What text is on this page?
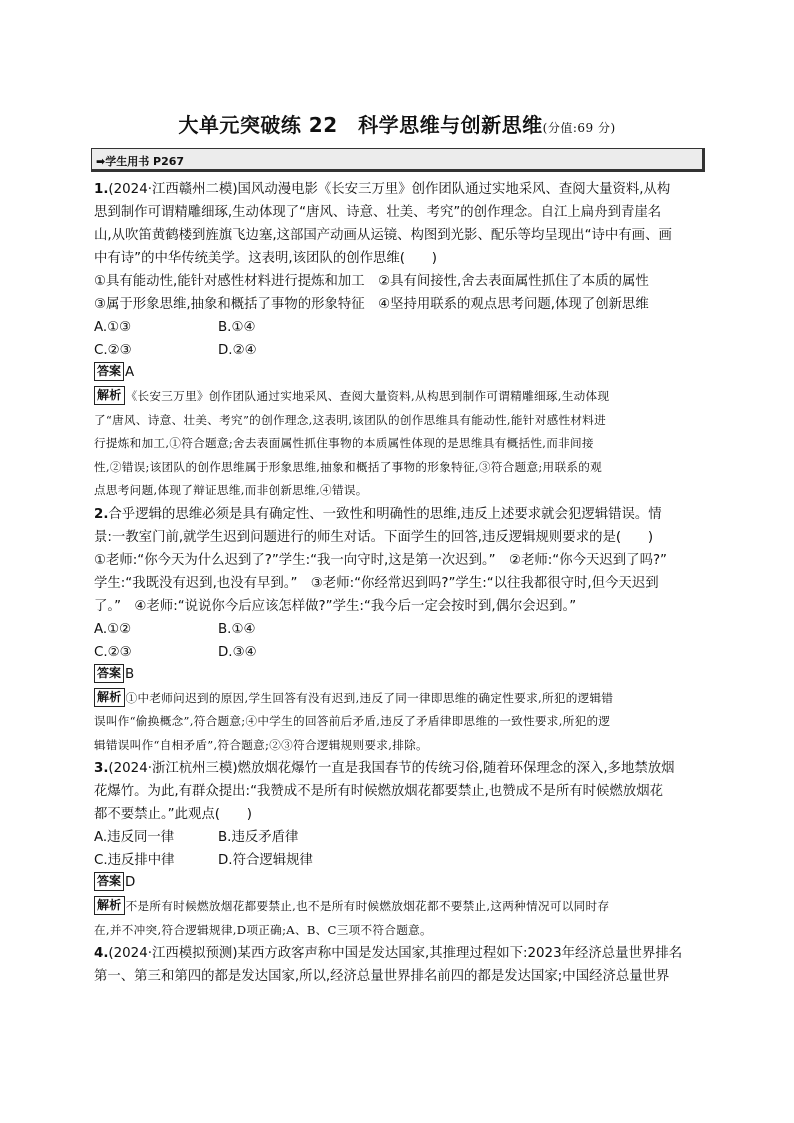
大单元突破练 22　科学思维与创新思维(分值:69 分)
➡学生用书 P267
1.(2024·江西赣州二模)国风动漫电影《长安三万里》创作团队通过实地采风、查阅大量资料,从构
思到制作可谓精雕细琢,生动体现了“唐风、诗意、壮美、考究”的创作理念。自江上扁舟到青崖名
山,从吹笛黄鹤楼到旌旗飞边塞,这部国产动画从运镜、构图到光影、配乐等均呈现出“诗中有画、画
中有诗”的中华传统美学。这表明,该团队的创作思维(　　)
①具有能动性,能针对感性材料进行提炼和加工　②具有间接性,舍去表面属性抓住了本质的属性
③属于形象思维,抽象和概括了事物的形象特征　④坚持用联系的观点思考问题,体现了创新思维
A.①③	B.①④
C.②③	D.②④
答案 A
解析 《长安三万里》创作团队通过实地采风、查阅大量资料,从构思到制作可谓精雕细琢,生动体现
了“唐风、诗意、壮美、考究”的创作理念,这表明,该团队的创作思维具有能动性,能针对感性材料进
行提炼和加工,①符合题意;舍去表面属性抓住事物的本质属性体现的是思维具有概括性,而非间接
性,②错误;该团队的创作思维属于形象思维,抽象和概括了事物的形象特征,③符合题意;用联系的观
点思考问题,体现了辩证思维,而非创新思维,④错误。
2.合乎逻辑的思维必须是具有确定性、一致性和明确性的思维,违反上述要求就会犯逻辑错误。情
景:一教室门前,就学生迟到问题进行的师生对话。下面学生的回答,违反逻辑规则要求的是(　　)
①老师:“你今天为什么迟到了?”学生:“我一向守时,这是第一次迟到。”　②老师:“你今天迟到了吗?”
学生:“我既没有迟到,也没有早到。”　③老师:“你经常迟到吗?”学生:“以往我都很守时,但今天迟到
了。”　④老师:“说说你今后应该怎样做?”学生:“我今后一定会按时到,偶尔会迟到。”
A.①②	B.①④
C.②③	D.③④
答案 B
解析 ①中老师问迟到的原因,学生回答有没有迟到,违反了同一律即思维的确定性要求,所犯的逻辑错
误叫作“偷换概念”,符合题意;④中学生的回答前后矛盾,违反了矛盾律即思维的一致性要求,所犯的逻
辑错误叫作“自相矛盾”,符合题意;②③符合逻辑规则要求,排除。
3.(2024·浙江杭州三模)燃放烟花爆竹一直是我国春节的传统习俗,随着环保理念的深入,多地禁放烟
花爆竹。为此,有群众提出:“我赞成不是所有时候燃放烟花都要禁止,也赞成不是所有时候燃放烟花
都不要禁止。”此观点(　　)
A.违反同一律	B.违反矛盾律
C.违反排中律	D.符合逻辑规律
答案 D
解析 不是所有时候燃放烟花都要禁止,也不是所有时候燃放烟花都不要禁止,这两种情况可以同时存
在,并不冲突,符合逻辑规律,D项正确;A、B、C三项不符合题意。
4.(2024·江西模拟预测)某西方政客声称中国是发达国家,其推理过程如下:2023年经济总量世界排名
第一、第三和第四的都是发达国家,所以,经济总量世界排名前四的都是发达国家;中国经济总量世界
